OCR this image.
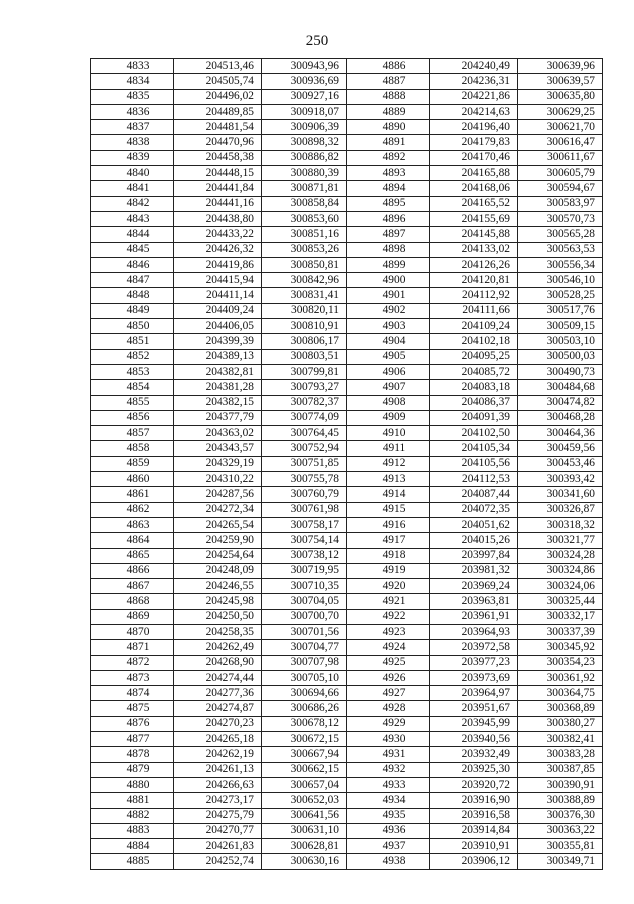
250
4833	204513,46	300943,96	4886	204240,49	300639,96
4834	204505,74	300936,69	4887	204236,31	300639,57
4835	204496,02	300927,16	4888	204221,86	300635,80
4836	204489,85	300918,07	4889	204214,63	300629,25
4837	204481,54	300906,39	4890	204196,40	300621,70
4838	204470,96	300898,32	4891	204179,83	300616,47
4839	204458,38	300886,82	4892	204170,46	300611,67
4840	204448,15	300880,39	4893	204165,88	300605,79
4841	204441,84	300871,81	4894	204168,06	300594,67
4842	204441,16	300858,84	4895	204165,52	300583,97
4843	204438,80	300853,60	4896	204155,69	300570,73
4844	204433,22	300851,16	4897	204145,88	300565,28
4845	204426,32	300853,26	4898	204133,02	300563,53
4846	204419,86	300850,81	4899	204126,26	300556,34
4847	204415,94	300842,96	4900	204120,81	300546,10
4848	204411,14	300831,41	4901	204112,92	300528,25
4849	204409,24	300820,11	4902	204111,66	300517,76
4850	204406,05	300810,91	4903	204109,24	300509,15
4851	204399,39	300806,17	4904	204102,18	300503,10
4852	204389,13	300803,51	4905	204095,25	300500,03
4853	204382,81	300799,81	4906	204085,72	300490,73
4854	204381,28	300793,27	4907	204083,18	300484,68
4855	204382,15	300782,37	4908	204086,37	300474,82
4856	204377,79	300774,09	4909	204091,39	300468,28
4857	204363,02	300764,45	4910	204102,50	300464,36
4858	204343,57	300752,94	4911	204105,34	300459,56
4859	204329,19	300751,85	4912	204105,56	300453,46
4860	204310,22	300755,78	4913	204112,53	300393,42
4861	204287,56	300760,79	4914	204087,44	300341,60
4862	204272,34	300761,98	4915	204072,35	300326,87
4863	204265,54	300758,17	4916	204051,62	300318,32
4864	204259,90	300754,14	4917	204015,26	300321,77
4865	204254,64	300738,12	4918	203997,84	300324,28
4866	204248,09	300719,95	4919	203981,32	300324,86
4867	204246,55	300710,35	4920	203969,24	300324,06
4868	204245,98	300704,05	4921	203963,81	300325,44
4869	204250,50	300700,70	4922	203961,91	300332,17
4870	204258,35	300701,56	4923	203964,93	300337,39
4871	204262,49	300704,77	4924	203972,58	300345,92
4872	204268,90	300707,98	4925	203977,23	300354,23
4873	204274,44	300705,10	4926	203973,69	300361,92
4874	204277,36	300694,66	4927	203964,97	300364,75
4875	204274,87	300686,26	4928	203951,67	300368,89
4876	204270,23	300678,12	4929	203945,99	300380,27
4877	204265,18	300672,15	4930	203940,56	300382,41
4878	204262,19	300667,94	4931	203932,49	300383,28
4879	204261,13	300662,15	4932	203925,30	300387,85
4880	204266,63	300657,04	4933	203920,72	300390,91
4881	204273,17	300652,03	4934	203916,90	300388,89
4882	204275,79	300641,56	4935	203916,58	300376,30
4883	204270,77	300631,10	4936	203914,84	300363,22
4884	204261,83	300628,81	4937	203910,91	300355,81
4885	204252,74	300630,16	4938	203906,12	300349,71
